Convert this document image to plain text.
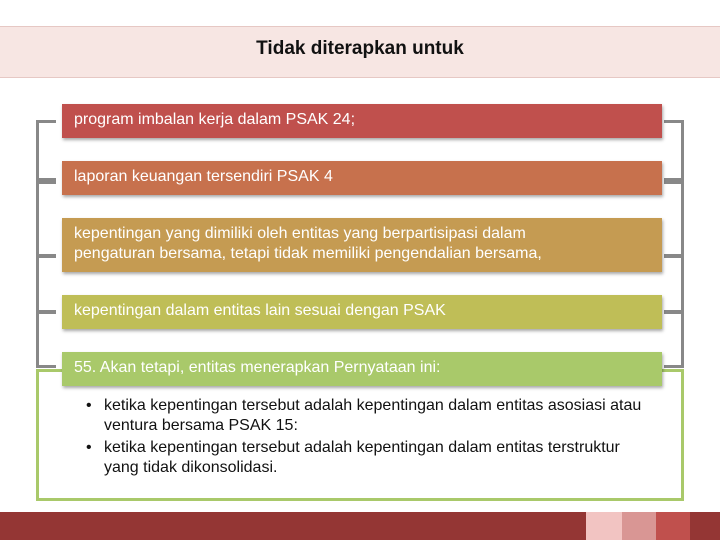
Tidak diterapkan untuk
program imbalan kerja dalam PSAK 24;
laporan keuangan tersendiri PSAK 4
kepentingan yang dimiliki oleh entitas yang berpartisipasi dalam
pengaturan bersama, tetapi tidak memiliki pengendalian bersama,
kepentingan dalam entitas lain sesuai dengan PSAK
55. Akan tetapi, entitas menerapkan Pernyataan ini:
• ketika kepentingan tersebut adalah kepentingan dalam entitas asosiasi atau ventura bersama PSAK 15:
• ketika kepentingan tersebut adalah kepentingan dalam entitas terstruktur yang tidak dikonsolidasi.
